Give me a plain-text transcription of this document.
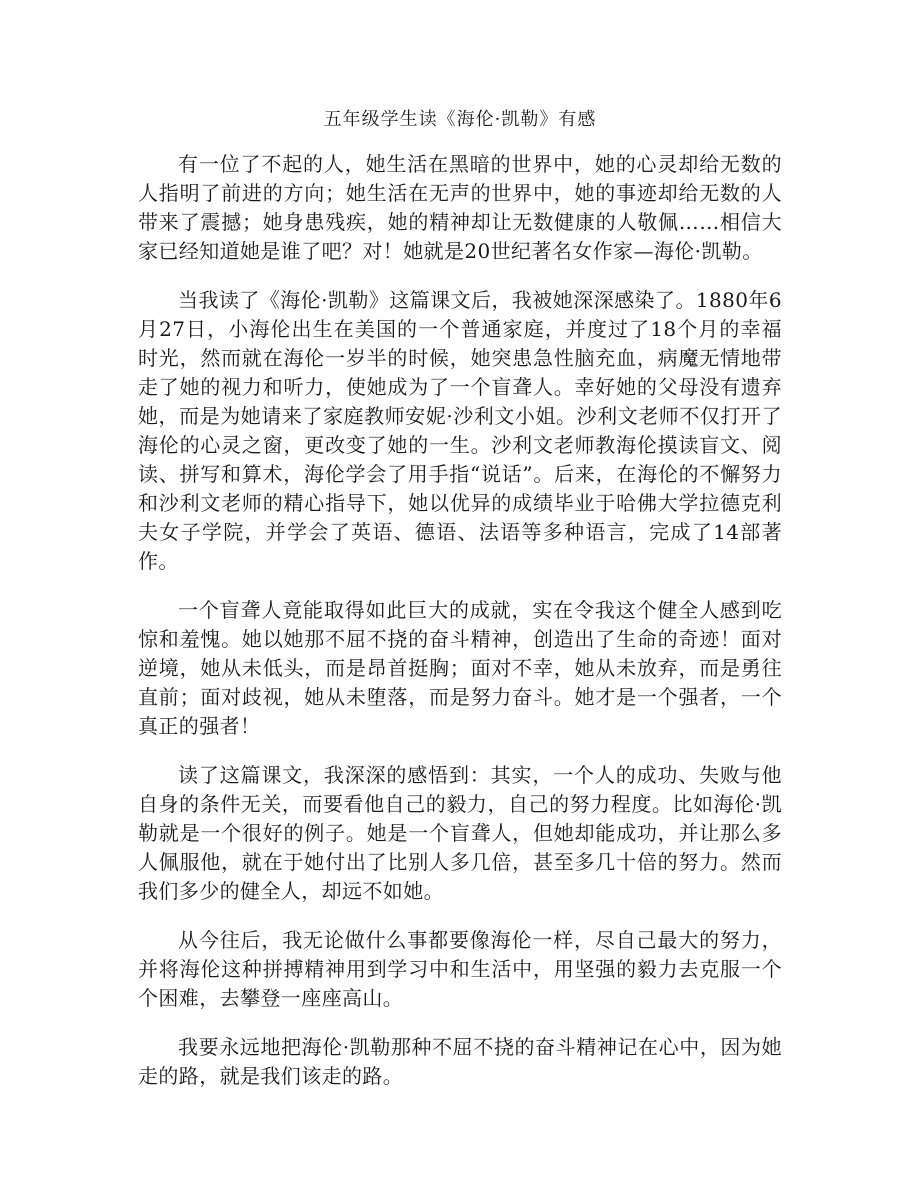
五年级学生读《海伦·凯勒》有感

有一位了不起的人，她生活在黑暗的世界中，她的心灵却给无数的人指明了前进的方向；她生活在无声的世界中，她的事迹却给无数的人带来了震撼；她身患残疾，她的精神却让无数健康的人敬佩……相信大家已经知道她是谁了吧？对！她就是20世纪著名女作家—海伦·凯勒。

当我读了《海伦·凯勒》这篇课文后，我被她深深感染了。1880年6月27日，小海伦出生在美国的一个普通家庭，并度过了18个月的幸福时光，然而就在海伦一岁半的时候，她突患急性脑充血，病魔无情地带走了她的视力和听力，使她成为了一个盲聋人。幸好她的父母没有遗弃她，而是为她请来了家庭教师安妮·沙利文小姐。沙利文老师不仅打开了海伦的心灵之窗，更改变了她的一生。沙利文老师教海伦摸读盲文、阅读、拼写和算术，海伦学会了用手指“说话”。后来，在海伦的不懈努力和沙利文老师的精心指导下，她以优异的成绩毕业于哈佛大学拉德克利夫女子学院，并学会了英语、德语、法语等多种语言，完成了14部著作。

一个盲聋人竟能取得如此巨大的成就，实在令我这个健全人感到吃惊和羞愧。她以她那不屈不挠的奋斗精神，创造出了生命的奇迹！面对逆境，她从未低头，而是昂首挺胸；面对不幸，她从未放弃，而是勇往直前；面对歧视，她从未堕落，而是努力奋斗。她才是一个强者，一个真正的强者！

读了这篇课文，我深深的感悟到：其实，一个人的成功、失败与他自身的条件无关，而要看他自己的毅力，自己的努力程度。比如海伦·凯勒就是一个很好的例子。她是一个盲聋人，但她却能成功，并让那么多人佩服他，就在于她付出了比别人多几倍，甚至多几十倍的努力。然而我们多少的健全人，却远不如她。

从今往后，我无论做什么事都要像海伦一样，尽自己最大的努力，并将海伦这种拼搏精神用到学习中和生活中，用坚强的毅力去克服一个个困难，去攀登一座座高山。

我要永远地把海伦·凯勒那种不屈不挠的奋斗精神记在心中，因为她走的路，就是我们该走的路。
